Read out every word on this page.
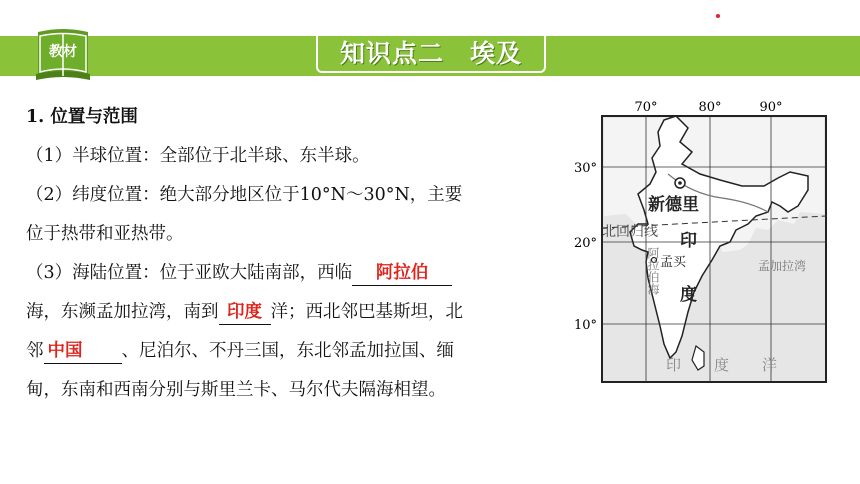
教材	知识点二　埃及
1. 位置与范围
（1）半球位置：全部位于北半球、东半球。
（2）纬度位置：绝大部分地区位于10°N～30°N，主要
位于热带和亚热带。
（3）海陆位置：位于亚欧大陆南部，西临 阿拉伯
海，东濒孟加拉湾，南到 印度 洋；西北邻巴基斯坦，北
邻 中国 、尼泊尔、不丹三国，东北邻孟加拉国、缅
甸，东南和西南分别与斯里兰卡、马尔代夫隔海相望。
70°	80°	90°
30°
20°
10°
新德里
北回归线 印
度
孟买
阿拉伯海
孟加拉湾
印 度 洋
